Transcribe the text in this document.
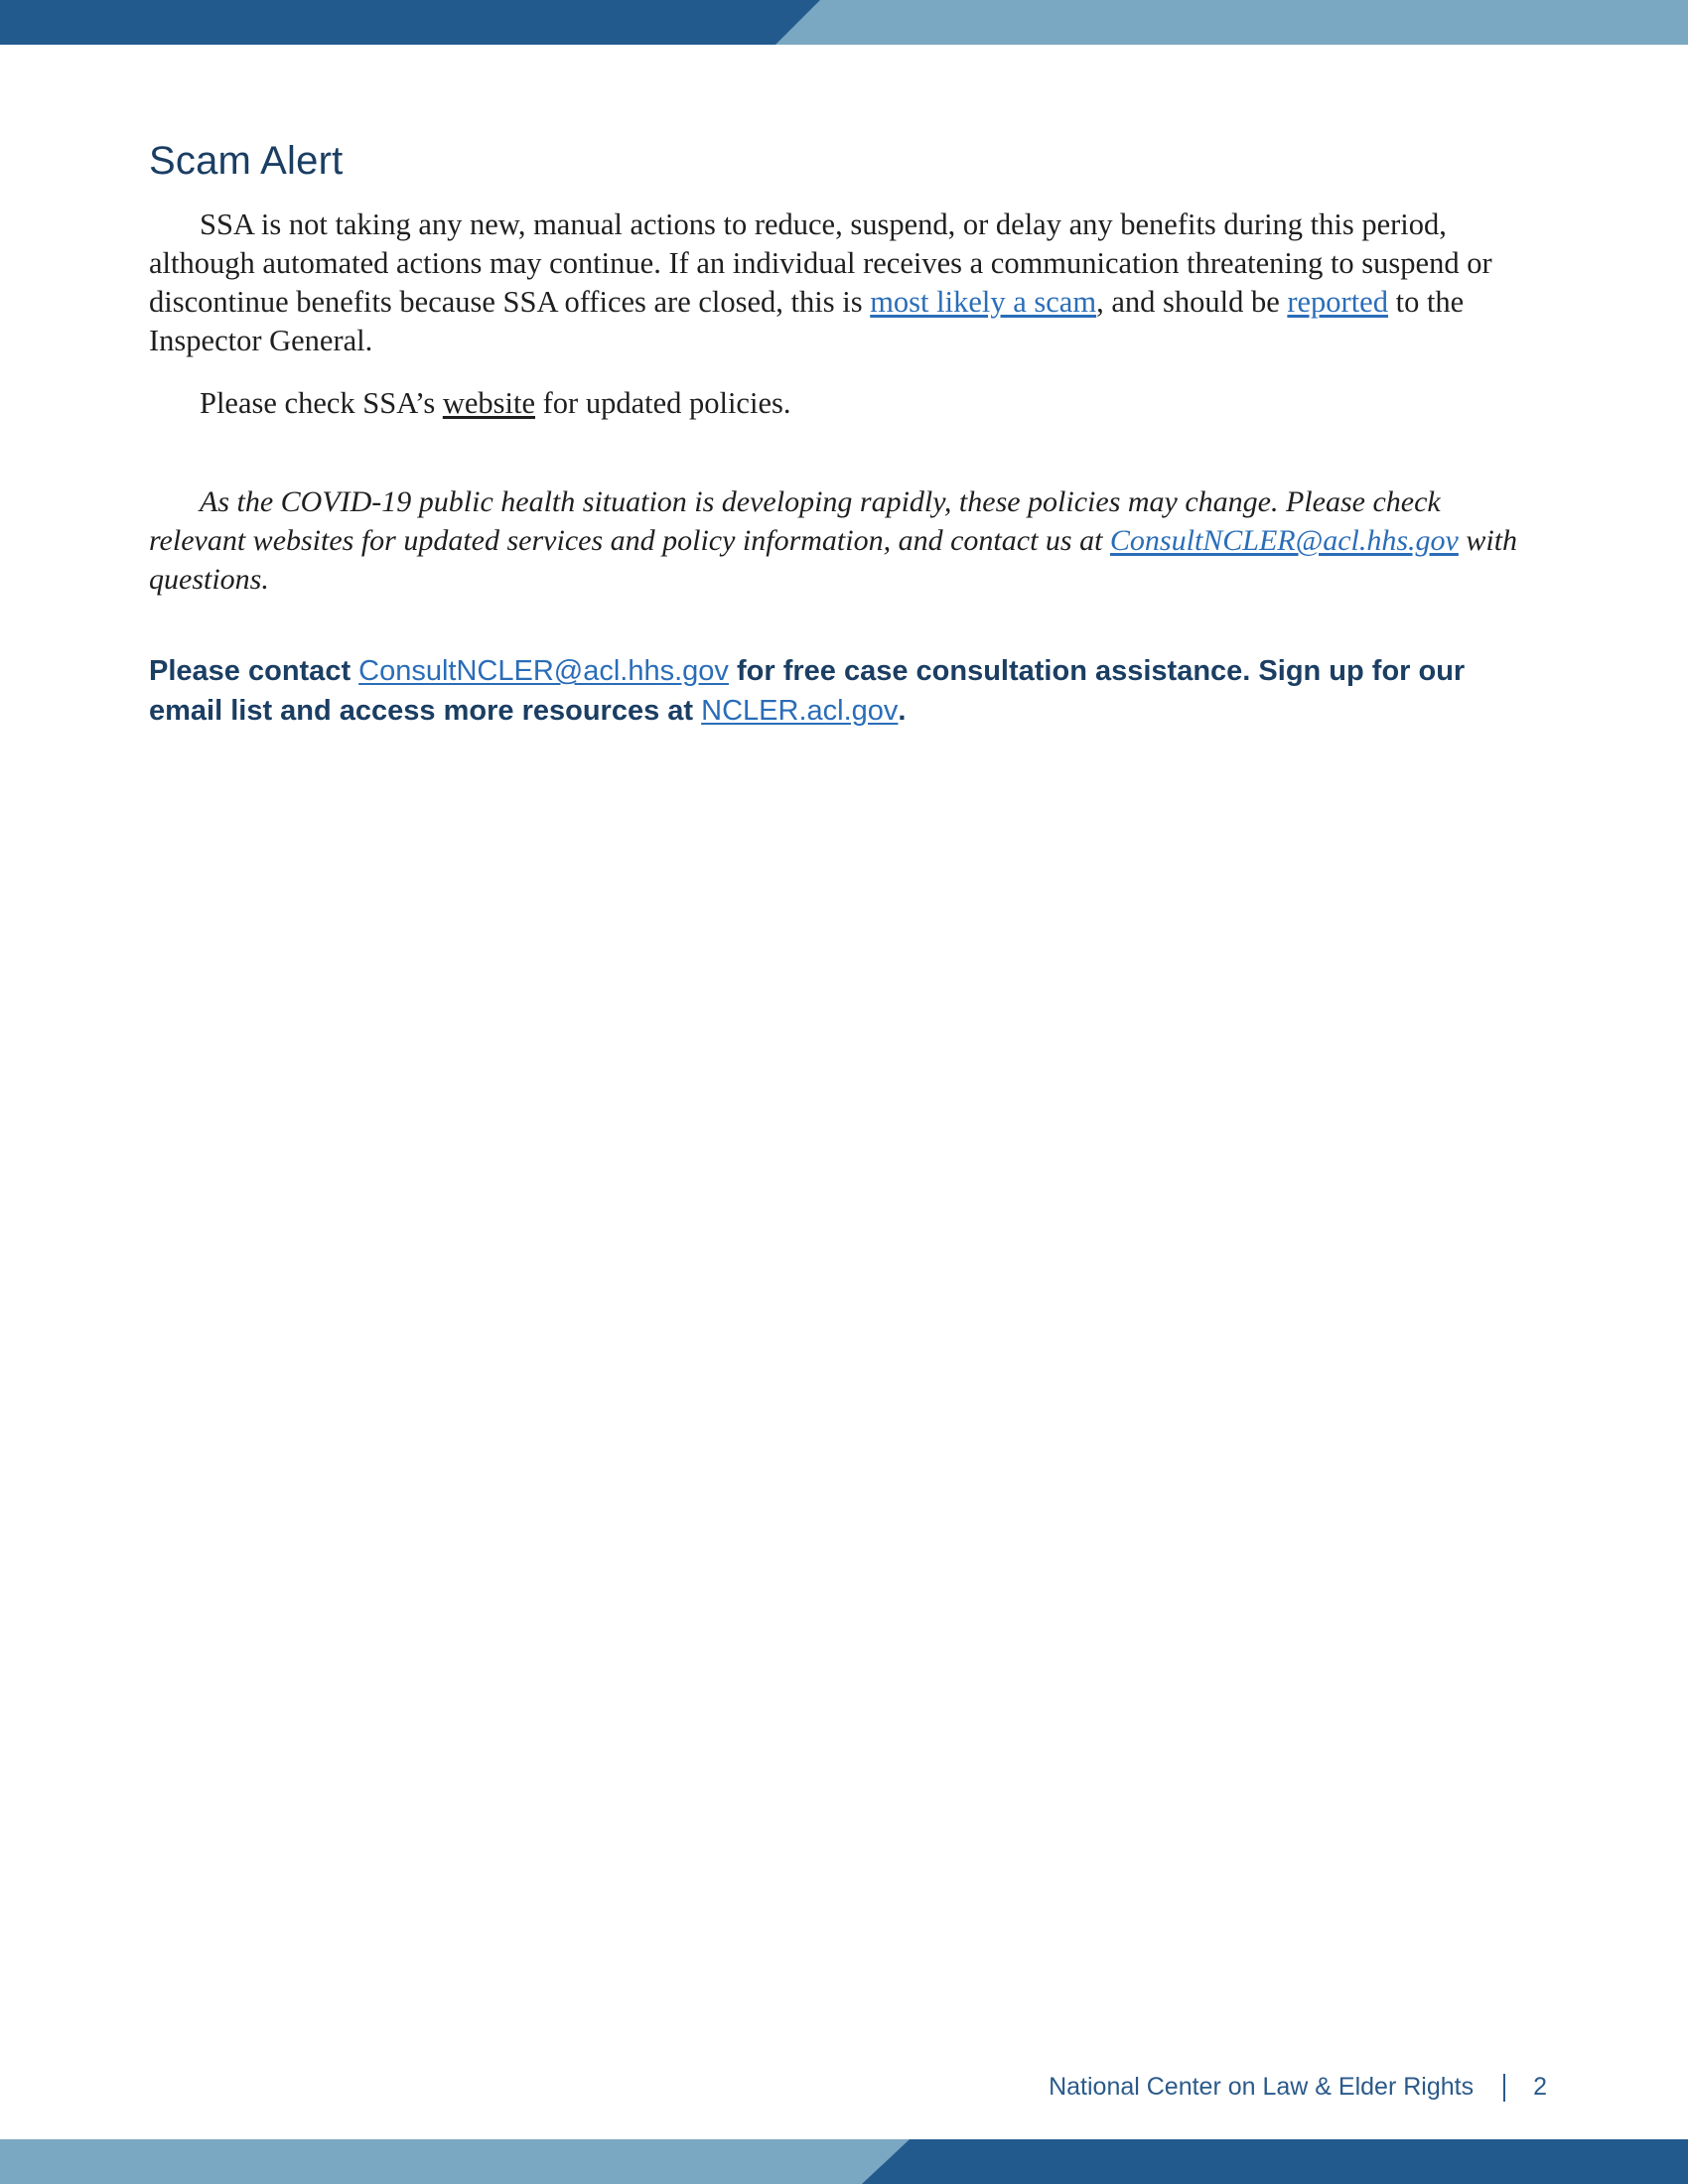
Scam Alert

SSA is not taking any new, manual actions to reduce, suspend, or delay any benefits during this period, although automated actions may continue. If an individual receives a communication threatening to suspend or discontinue benefits because SSA offices are closed, this is most likely a scam, and should be reported to the Inspector General.

Please check SSA’s website for updated policies.

As the COVID-19 public health situation is developing rapidly, these policies may change. Please check relevant websites for updated services and policy information, and contact us at ConsultNCLER@acl.hhs.gov with questions.

Please contact ConsultNCLER@acl.hhs.gov for free case consultation assistance. Sign up for our email list and access more resources at NCLER.acl.gov.

National Center on Law & Elder Rights 2
